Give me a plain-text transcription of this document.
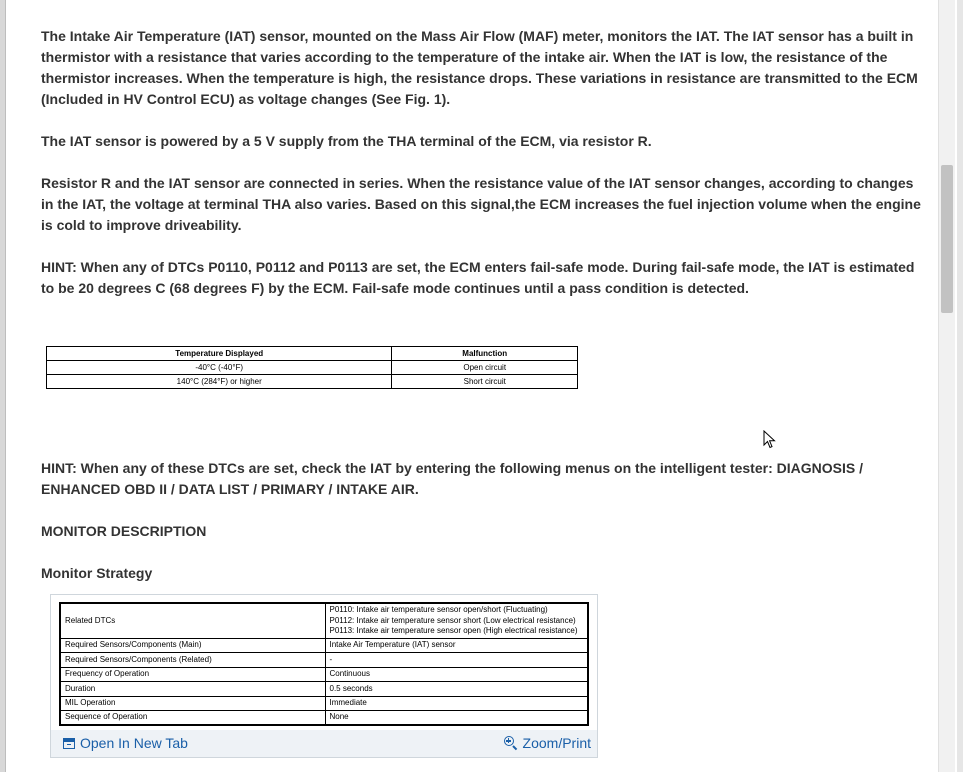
The Intake Air Temperature (IAT) sensor, mounted on the Mass Air Flow (MAF) meter, monitors the IAT. The IAT sensor has a built in thermistor with a resistance that varies according to the temperature of the intake air. When the IAT is low, the resistance of the thermistor increases. When the temperature is high, the resistance drops. These variations in resistance are transmitted to the ECM (Included in HV Control ECU) as voltage changes (See Fig. 1).

The IAT sensor is powered by a 5 V supply from the THA terminal of the ECM, via resistor R.

Resistor R and the IAT sensor are connected in series. When the resistance value of the IAT sensor changes, according to changes in the IAT, the voltage at terminal THA also varies. Based on this signal,the ECM increases the fuel injection volume when the engine is cold to improve driveability.

HINT: When any of DTCs P0110, P0112 and P0113 are set, the ECM enters fail-safe mode. During fail-safe mode, the IAT is estimated to be 20 degrees C (68 degrees F) by the ECM. Fail-safe mode continues until a pass condition is detected.

Temperature Displayed	Malfunction
-40°C (-40°F)	Open circuit
140°C (284°F) or higher	Short circuit

HINT: When any of these DTCs are set, check the IAT by entering the following menus on the intelligent tester: DIAGNOSIS / ENHANCED OBD II / DATA LIST / PRIMARY / INTAKE AIR.

MONITOR DESCRIPTION

Monitor Strategy

Related DTCs	P0110: Intake air temperature sensor open/short (Fluctuating)
P0112: Intake air temperature sensor short (Low electrical resistance)
P0113: Intake air temperature sensor open (High electrical resistance)

Required Sensors/Components (Main)	Intake Air Temperature (IAT) sensor
Required Sensors/Components (Related)	-
Frequency of Operation	Continuous
Duration	0.5 seconds
MIL Operation	Immediate
Sequence of Operation	None
Open In New Tab	Zoom/Print
